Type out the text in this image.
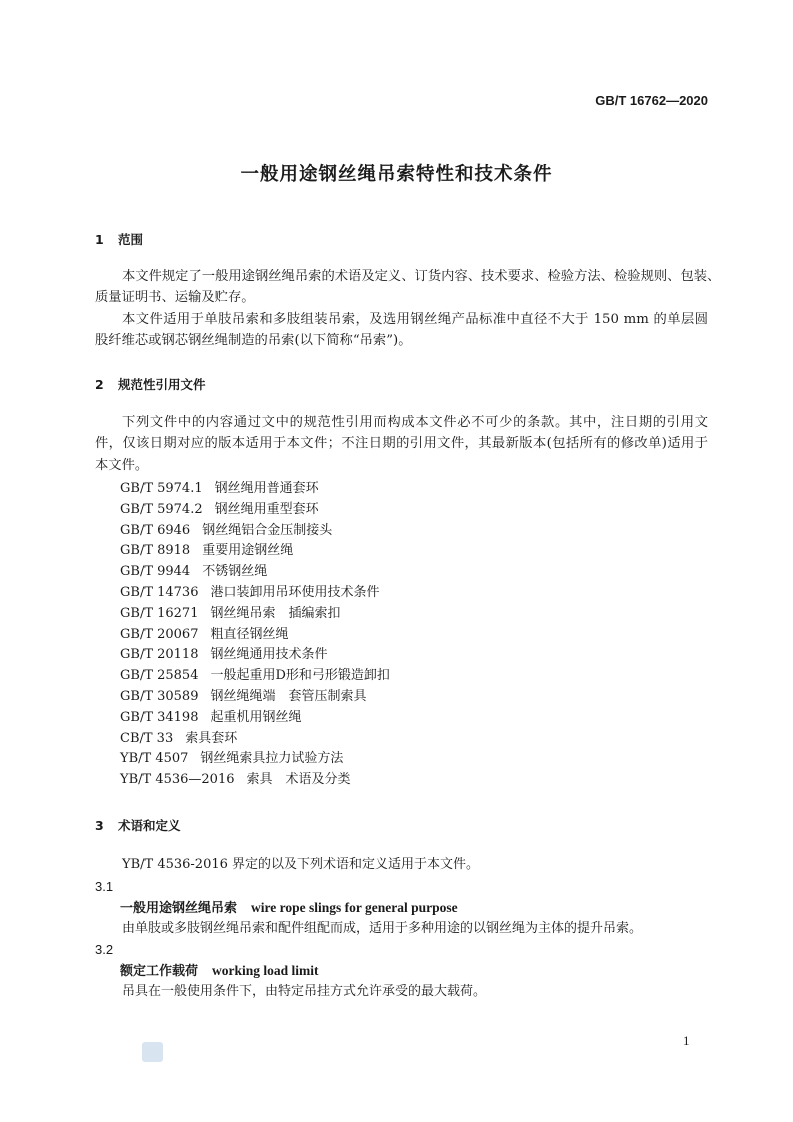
GB/T 16762—2020
一般用途钢丝绳吊索特性和技术条件
1 范围
本文件规定了一般用途钢丝绳吊索的术语及定义、订货内容、技术要求、检验方法、检验规则、包装、
质量证明书、运输及贮存。
本文件适用于单肢吊索和多肢组装吊索，及选用钢丝绳产品标准中直径不大于 150 mm 的单层圆
股纤维芯或钢芯钢丝绳制造的吊索(以下简称“吊索”)。
2 规范性引用文件
下列文件中的内容通过文中的规范性引用而构成本文件必不可少的条款。其中，注日期的引用文
件，仅该日期对应的版本适用于本文件；不注日期的引用文件，其最新版本(包括所有的修改单)适用于
本文件。
GB/T 5974.1 钢丝绳用普通套环
GB/T 5974.2 钢丝绳用重型套环
GB/T 6946 钢丝绳铝合金压制接头
GB/T 8918 重要用途钢丝绳
GB/T 9944 不锈钢丝绳
GB/T 14736 港口装卸用吊环使用技术条件
GB/T 16271 钢丝绳吊索　插编索扣
GB/T 20067 粗直径钢丝绳
GB/T 20118 钢丝绳通用技术条件
GB/T 25854 一般起重用D形和弓形锻造卸扣
GB/T 30589 钢丝绳绳端　套管压制索具
GB/T 34198 起重机用钢丝绳
CB/T 33 索具套环
YB/T 4507 钢丝绳索具拉力试验方法
YB/T 4536—2016 索具　术语及分类
3 术语和定义
YB/T 4536-2016 界定的以及下列术语和定义适用于本文件。
3.1
一般用途钢丝绳吊索 wire rope slings for general purpose
由单肢或多肢钢丝绳吊索和配件组配而成，适用于多种用途的以钢丝绳为主体的提升吊索。
3.2
额定工作载荷 working load limit
吊具在一般使用条件下，由特定吊挂方式允许承受的最大载荷。
1
